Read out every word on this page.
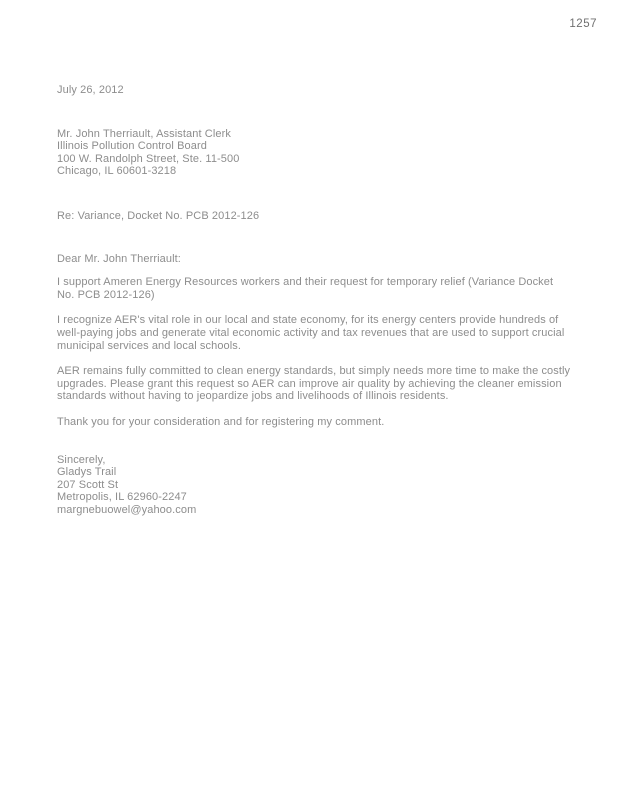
1257
July 26, 2012
Mr. John Therriault, Assistant Clerk
Illinois Pollution Control Board
100 W. Randolph Street, Ste. 11-500
Chicago, IL 60601-3218
Re: Variance, Docket No. PCB 2012-126
Dear Mr. John Therriault:

I support Ameren Energy Resources workers and their request for temporary relief (Variance Docket No. PCB 2012-126)

I recognize AER's vital role in our local and state economy, for its energy centers provide hundreds of well-paying jobs and generate vital economic activity and tax revenues that are used to support crucial municipal services and local schools.

AER remains fully committed to clean energy standards, but simply needs more time to make the costly upgrades. Please grant this request so AER can improve air quality by achieving the cleaner emission standards without having to jeopardize jobs and livelihoods of Illinois residents.

Thank you for your consideration and for registering my comment.

Sincerely,
Gladys Trail
207 Scott St
Metropolis, IL 62960-2247
margnebuowel@yahoo.com
